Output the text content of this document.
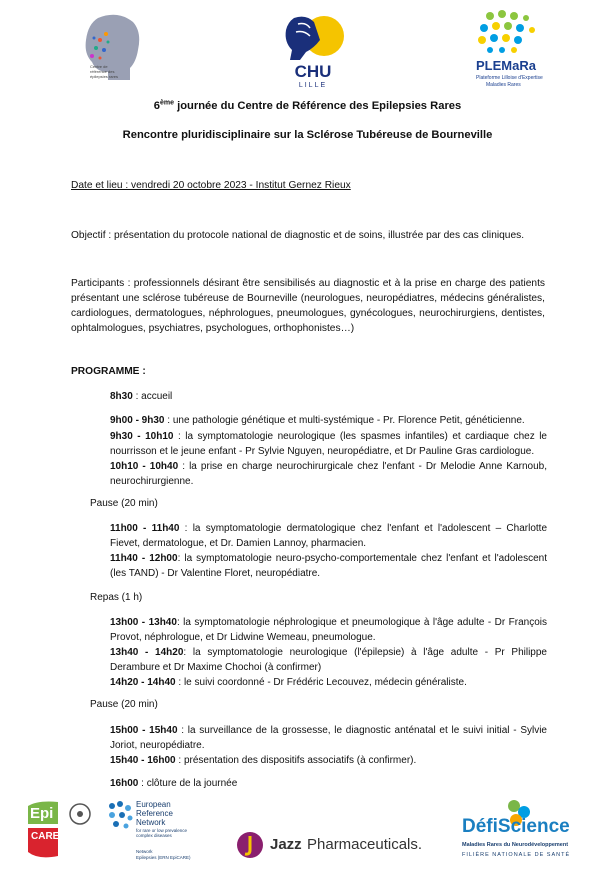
Centre de référence des épilepsies rares	CHU
LILLE
PLEMaRa
Plateforme Lilloise d'Expertise
Maladies Rares
6ème journée du Centre de Référence des Epilepsies Rares
Rencontre pluridisciplinaire sur la Sclérose Tubéreuse de Bourneville
Date et lieu : vendredi 20 octobre 2023 - Institut Gernez Rieux
Objectif : présentation du protocole national de diagnostic et de soins, illustrée par des cas cliniques.
Participants : professionnels désirant être sensibilisés au diagnostic et à la prise en charge des patients présentant une sclérose tubéreuse de Bourneville (neurologues, neuropédiatres, médecins généralistes, cardiologues, dermatologues, néphrologues, pneumologues, gynécologues, neurochirurgiens, dentistes, ophtalmologues, psychiatres, psychologues, orthophonistes…)
PROGRAMME :
8h30 : accueil
9h00 - 9h30 : une pathologie génétique et multi-systémique - Pr. Florence Petit, généticienne.
9h30 - 10h10 : la symptomatologie neurologique (les spasmes infantiles) et cardiaque chez le nourrisson et le jeune enfant - Pr Sylvie Nguyen, neuropédiatre, et Dr Pauline Gras cardiologue.
10h10 - 10h40 : la prise en charge neurochirurgicale chez l'enfant - Dr Melodie Anne Karnoub, neurochirurgienne.
Pause (20 min)
11h00 - 11h40 : la symptomatologie dermatologique chez l'enfant et l'adolescent – Charlotte Fievet, dermatologue, et Dr. Damien Lannoy, pharmacien.
11h40 - 12h00: la symptomatologie neuro-psycho-comportementale chez l'enfant et l'adolescent (les TAND) - Dr Valentine Floret, neuropédiatre.
Repas (1 h)
13h00 - 13h40: la symptomatologie néphrologique et pneumologique à l'âge adulte - Dr François Provot, néphrologue, et Dr Lidwine Wemeau, pneumologue.
13h40 - 14h20: la symptomatologie neurologique (l'épilepsie) à l'âge adulte - Pr Philippe Derambure et Dr Maxime Chochoi (à confirmer)
14h20 - 14h40 : le suivi coordonné - Dr Frédéric Lecouvez, médecin généraliste.
Pause (20 min)
15h00 - 15h40 : la surveillance de la grossesse, le diagnostic anténatal et le suivi initial - Sylvie Joriot, neuropédiatre.
15h40 - 16h00 : présentation des dispositifs associatifs (à confirmer).
16h00 : clôture de la journée
Epi
CARE
European
Reference
Network
for rare or low prevalence
complex diseases
Network
Epilepsies (ERN EpiCARE)
Jazz Pharmaceuticals.
DéfiScience
Maladies Rares du Neurodéveloppement
FILIÈRE NATIONALE DE SANTÉ
